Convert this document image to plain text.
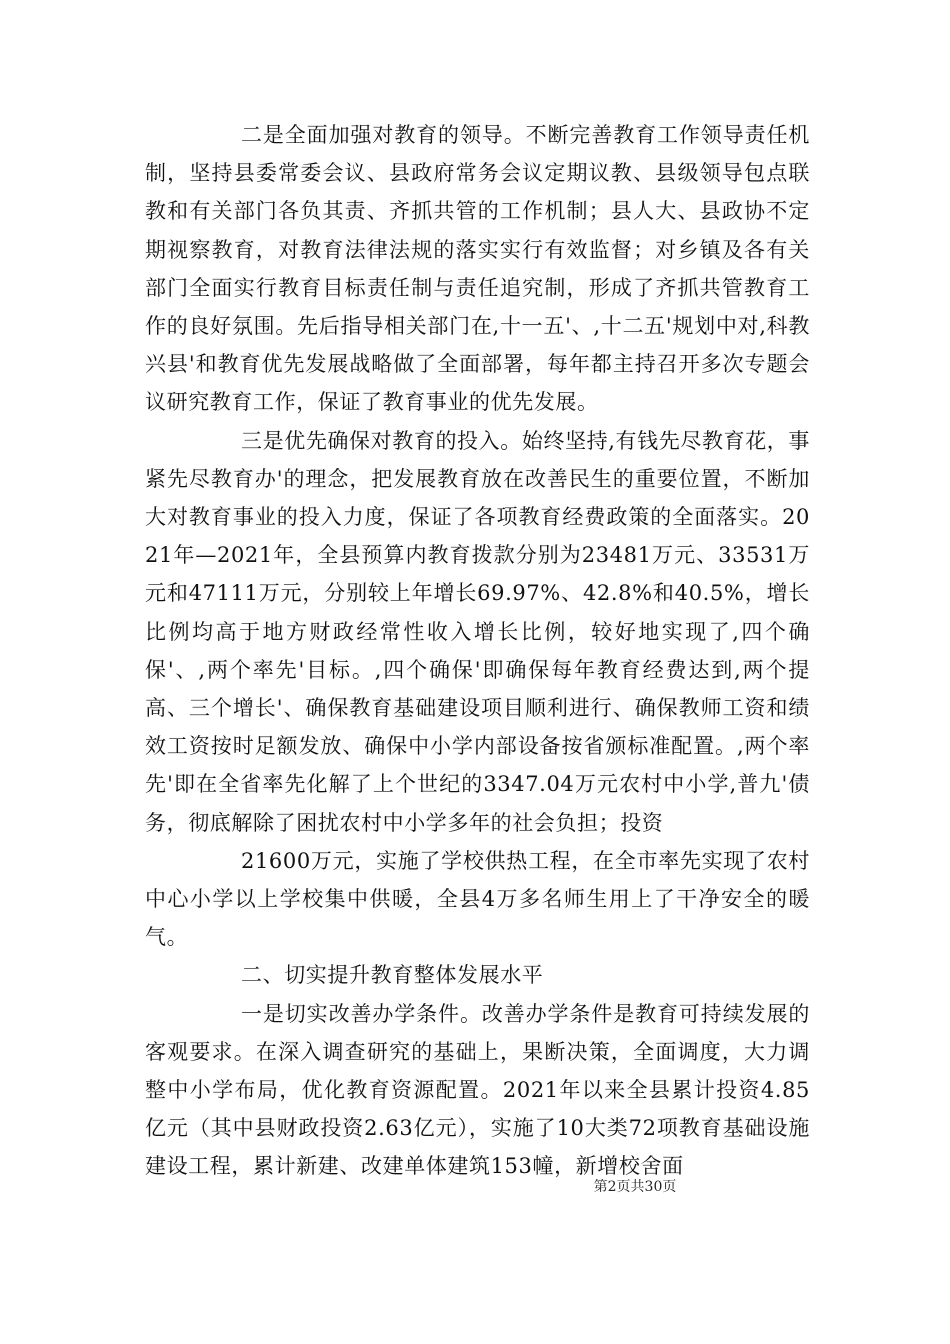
二是全面加强对教育的领导。不断完善教育工作领导责任机制，坚持县委常委会议、县政府常务会议定期议教、县级领导包点联教和有关部门各负其责、齐抓共管的工作机制；县人大、县政协不定期视察教育，对教育法律法规的落实实行有效监督；对乡镇及各有关部门全面实行教育目标责任制与责任追究制，形成了齐抓共管教育工作的良好氛围。先后指导相关部门在,十一五'、,十二五'规划中对,科教兴县'和教育优先发展战略做了全面部署，每年都主持召开多次专题会议研究教育工作，保证了教育事业的优先发展。

三是优先确保对教育的投入。始终坚持,有钱先尽教育花，事紧先尽教育办'的理念，把发展教育放在改善民生的重要位置，不断加大对教育事业的投入力度，保证了各项教育经费政策的全面落实。2021年—2021年，全县预算内教育拨款分别为23481万元、33531万元和47111万元，分别较上年增长69.97%、42.8%和40.5%，增长比例均高于地方财政经常性收入增长比例，较好地实现了,四个确保'、,两个率先'目标。,四个确保'即确保每年教育经费达到,两个提高、三个增长'、确保教育基础建设项目顺利进行、确保教师工资和绩效工资按时足额发放、确保中小学内部设备按省颁标准配置。,两个率先'即在全省率先化解了上个世纪的3347.04万元农村中小学,普九'债务，彻底解除了困扰农村中小学多年的社会负担；投资

21600万元，实施了学校供热工程，在全市率先实现了农村中心小学以上学校集中供暖，全县4万多名师生用上了干净安全的暖气。

二、切实提升教育整体发展水平

一是切实改善办学条件。改善办学条件是教育可持续发展的客观要求。在深入调查研究的基础上，果断决策，全面调度，大力调整中小学布局，优化教育资源配置。2021年以来全县累计投资4.85亿元（其中县财政投资2.63亿元），实施了10大类72项教育基础设施建设工程，累计新建、改建单体建筑153幢，新增校舍面

第2页共30页
